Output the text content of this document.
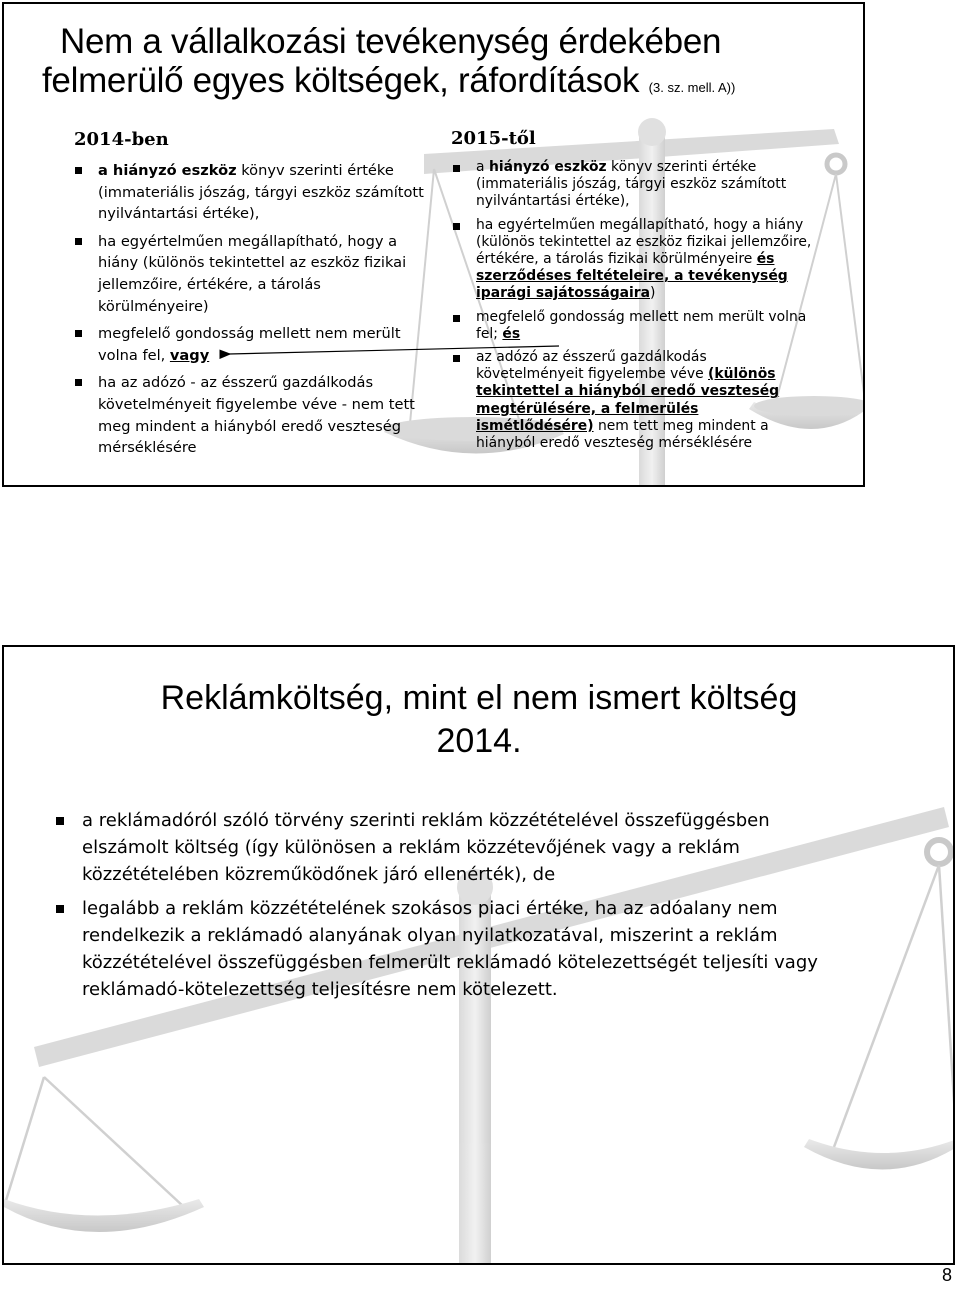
Nem a vállalkozási tevékenység érdekében
felmerülő egyes költségek, ráfordítások (3. sz. mell. A))
2014-ben
a hiányzó eszköz könyv szerinti értéke (immateriális jószág, tárgyi eszköz számított nyilvántartási értéke),
ha egyértelműen megállapítható, hogy a hiány (különös tekintettel az eszköz fizikai jellemzőire, értékére, a tárolás körülményeire)
megfelelő gondosság mellett nem merült volna fel, vagy
ha az adózó - az ésszerű gazdálkodás követelményeit figyelembe véve - nem tett meg mindent a hiányból eredő veszteség mérséklésére
2015-től
a hiányzó eszköz könyv szerinti értéke (immateriális jószág, tárgyi eszköz számított nyilvántartási értéke),
ha egyértelműen megállapítható, hogy a hiány (különös tekintettel az eszköz fizikai jellemzőire, értékére, a tárolás fizikai körülményeire és szerződéses feltételeire, a tevékenység iparági sajátosságaira)
megfelelő gondosság mellett nem merült volna fel; és
az adózó az ésszerű gazdálkodás követelményeit figyelembe véve (különös tekintettel a hiányból eredő veszteség megtérülésére, a felmerülés ismétlődésére) nem tett meg mindent a hiányból eredő veszteség mérséklésére
Reklámköltség, mint el nem ismert költség
2014.
a reklámadóról szóló törvény szerinti reklám közzétételével összefüggésben elszámolt költség (így különösen a reklám közzétevőjének vagy a reklám közzétételében közreműködőnek járó ellenérték), de
legalább a reklám közzétételének szokásos piaci értéke, ha az adóalany nem rendelkezik a reklámadó alanyának olyan nyilatkozatával, miszerint a reklám közzétételével összefüggésben felmerült reklámadó kötelezettségét teljesíti vagy reklámadó-kötelezettség teljesítésre nem kötelezett.
8
